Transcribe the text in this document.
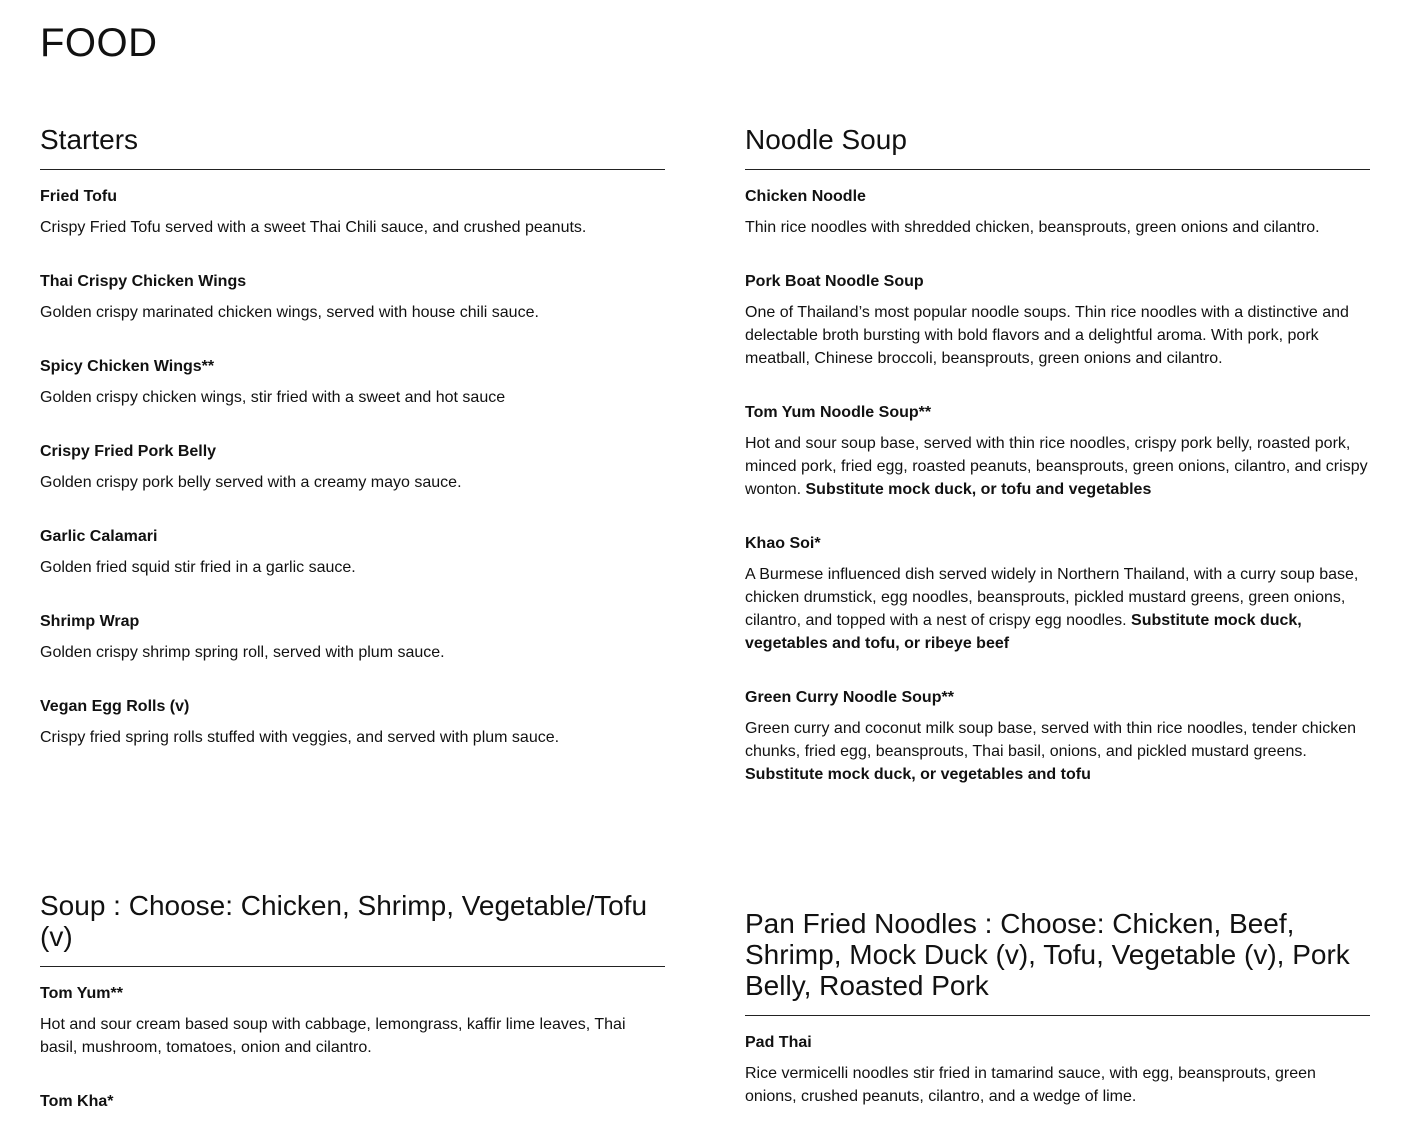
FOOD
Starters
Fried Tofu
Crispy Fried Tofu served with a sweet Thai Chili sauce, and crushed peanuts.
Thai Crispy Chicken Wings
Golden crispy marinated chicken wings, served with house chili sauce.
Spicy Chicken Wings**
Golden crispy chicken wings, stir fried with a sweet and hot sauce
Crispy Fried Pork Belly
Golden crispy pork belly served with a creamy mayo sauce.
Garlic Calamari
Golden fried squid stir fried in a garlic sauce.
Shrimp Wrap
Golden crispy shrimp spring roll, served with plum sauce.
Vegan Egg Rolls (v)
Crispy fried spring rolls stuffed with veggies, and served with plum sauce.
Noodle Soup
Chicken Noodle
Thin rice noodles with shredded chicken, beansprouts, green onions and cilantro.
Pork Boat Noodle Soup
One of Thailand’s most popular noodle soups. Thin rice noodles with a distinctive and delectable broth bursting with bold flavors and a delightful aroma. With pork, pork meatball, Chinese broccoli, beansprouts, green onions and cilantro.
Tom Yum Noodle Soup**
Hot and sour soup base, served with thin rice noodles, crispy pork belly, roasted pork, minced pork, fried egg, roasted peanuts, beansprouts, green onions, cilantro, and crispy wonton. Substitute mock duck, or tofu and vegetables
Khao Soi*
A Burmese influenced dish served widely in Northern Thailand, with a curry soup base, chicken drumstick, egg noodles, beansprouts, pickled mustard greens, green onions, cilantro, and topped with a nest of crispy egg noodles. Substitute mock duck, vegetables and tofu, or ribeye beef
Green Curry Noodle Soup**
Green curry and coconut milk soup base, served with thin rice noodles, tender chicken chunks, fried egg, beansprouts, Thai basil, onions, and pickled mustard greens. Substitute mock duck, or vegetables and tofu
Soup : Choose: Chicken, Shrimp, Vegetable/Tofu (v)
Tom Yum**
Hot and sour cream based soup with cabbage, lemongrass, kaffir lime leaves, Thai basil, mushroom, tomatoes, onion and cilantro.
Tom Kha*
Pan Fried Noodles : Choose: Chicken, Beef, Shrimp, Mock Duck (v), Tofu, Vegetable (v), Pork Belly, Roasted Pork
Pad Thai
Rice vermicelli noodles stir fried in tamarind sauce, with egg, beansprouts, green onions, crushed peanuts, cilantro, and a wedge of lime.
